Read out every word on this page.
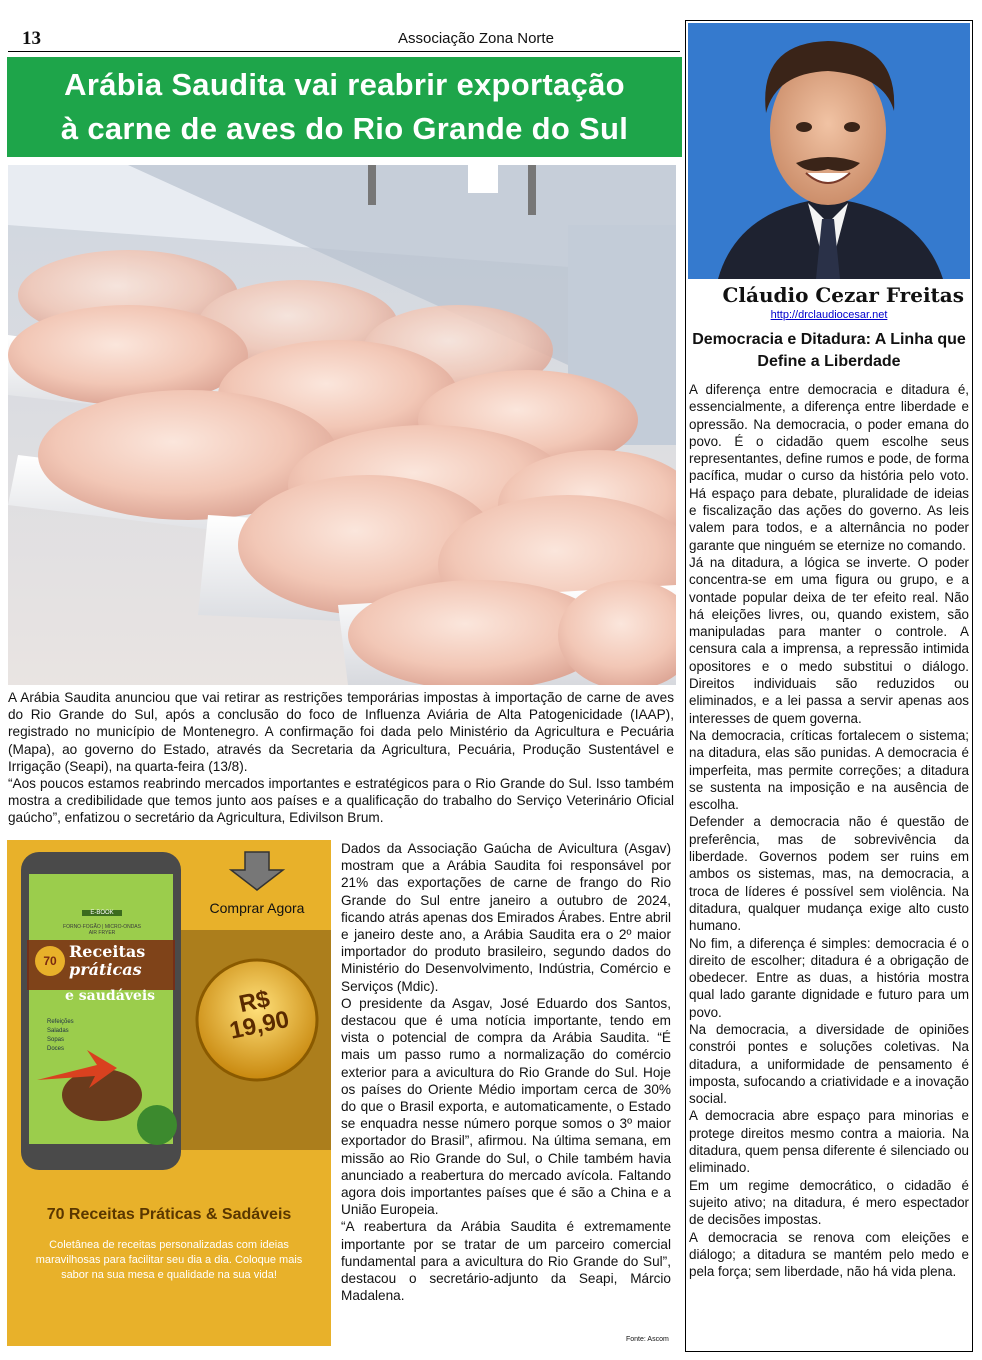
13	Associação Zona Norte
Arábia Saudita vai reabrir exportação
à carne de aves do Rio Grande do Sul

A Arábia Saudita anunciou que vai retirar as restrições temporárias impostas à importação de carne de aves do Rio Grande do Sul, após a conclusão do foco de Influenza Aviária de Alta Patogenicidade (IAAP), registrado no município de Montenegro. A confirmação foi dada pelo Ministério da Agricultura e Pecuária (Mapa), ao governo do Estado, através da Secretaria da Agricultura, Pecuária, Produção Sustentável e Irrigação (Seapi), na quarta-feira (13/8).

“Aos poucos estamos reabrindo mercados importantes e estratégicos para o Rio Grande do Sul. Isso também mostra a credibilidade que temos junto aos países e a qualificação do trabalho do Serviço Veterinário Oficial gaúcho”, enfatizou o secretário da Agricultura, Edivilson Brum.

Comprar Agora
E-BOOK
FORNO·FOGÃO | MICRO-ONDAS
AIR FRYER
70 Receitas
práticas
e saudáveis
Refeições
Saladas
Sopas
Doces
R$
19,90
70 Receitas Práticas & Sadáveis
Coletânea de receitas personalizadas com ideias maravilhosas para facilitar seu dia a dia. Coloque mais sabor na sua mesa e qualidade na sua vida!

Dados da Associação Gaúcha de Avicultura (Asgav) mostram que a Arábia Saudita foi responsável por 21% das exportações de carne de frango do Rio Grande do Sul entre janeiro a outubro de 2024, ficando atrás apenas dos Emirados Árabes. Entre abril e janeiro deste ano, a Arábia Saudita era o 2º maior importador do produto brasileiro, segundo dados do Ministério do Desenvolvimento, Indústria, Comércio e Serviços (Mdic).

O presidente da Asgav, José Eduardo dos Santos, destacou que é uma notícia importante, tendo em vista o potencial de compra da Arábia Saudita. “É mais um passo rumo a normalização do comércio exterior para a avicultura do Rio Grande do Sul. Hoje os países do Oriente Médio importam cerca de 30% do que o Brasil exporta, e automaticamente, o Estado se enquadra nesse número porque somos o 3º maior exportador do Brasil”, afirmou. Na última semana, em missão ao Rio Grande do Sul, o Chile também havia anunciado a reabertura do mercado avícola. Faltando agora dois importantes países que é são a China e a União Europeia.

“A reabertura da Arábia Saudita é extremamente importante por se tratar de um parceiro comercial fundamental para a avicultura do Rio Grande do Sul”, destacou o secretário-adjunto da Seapi, Márcio Madalena.

Fonte: Ascom
Cláudio Cezar Freitas
http://drclaudiocesar.net
Democracia e Ditadura: A Linha que Define a Liberdade

A diferença entre democracia e ditadura é, essencialmente, a diferença entre liberdade e opressão. Na democracia, o poder emana do povo. É o cidadão quem escolhe seus representantes, define rumos e pode, de forma pacífica, mudar o curso da história pelo voto. Há espaço para debate, pluralidade de ideias e fiscalização das ações do governo. As leis valem para todos, e a alternância no poder garante que ninguém se eternize no comando.

Já na ditadura, a lógica se inverte. O poder concentra-se em uma figura ou grupo, e a vontade popular deixa de ter efeito real. Não há eleições livres, ou, quando existem, são manipuladas para manter o controle. A censura cala a imprensa, a repressão intimida opositores e o medo substitui o diálogo. Direitos individuais são reduzidos ou eliminados, e a lei passa a servir apenas aos interesses de quem governa.

Na democracia, críticas fortalecem o sistema; na ditadura, elas são punidas. A democracia é imperfeita, mas permite correções; a ditadura se sustenta na imposição e na ausência de escolha.

Defender a democracia não é questão de preferência, mas de sobrevivência da liberdade. Governos podem ser ruins em ambos os sistemas, mas, na democracia, a troca de líderes é possível sem violência. Na ditadura, qualquer mudança exige alto custo humano.

No fim, a diferença é simples: democracia é o direito de escolher; ditadura é a obrigação de obedecer. Entre as duas, a história mostra qual lado garante dignidade e futuro para um povo.

Na democracia, a diversidade de opiniões constrói pontes e soluções coletivas. Na ditadura, a uniformidade de pensamento é imposta, sufocando a criatividade e a inovação social.

A democracia abre espaço para minorias e protege direitos mesmo contra a maioria. Na ditadura, quem pensa diferente é silenciado ou eliminado.

Em um regime democrático, o cidadão é sujeito ativo; na ditadura, é mero espectador de decisões impostas.

A democracia se renova com eleições e diálogo; a ditadura se mantém pelo medo e pela força; sem liberdade, não há vida plena.
